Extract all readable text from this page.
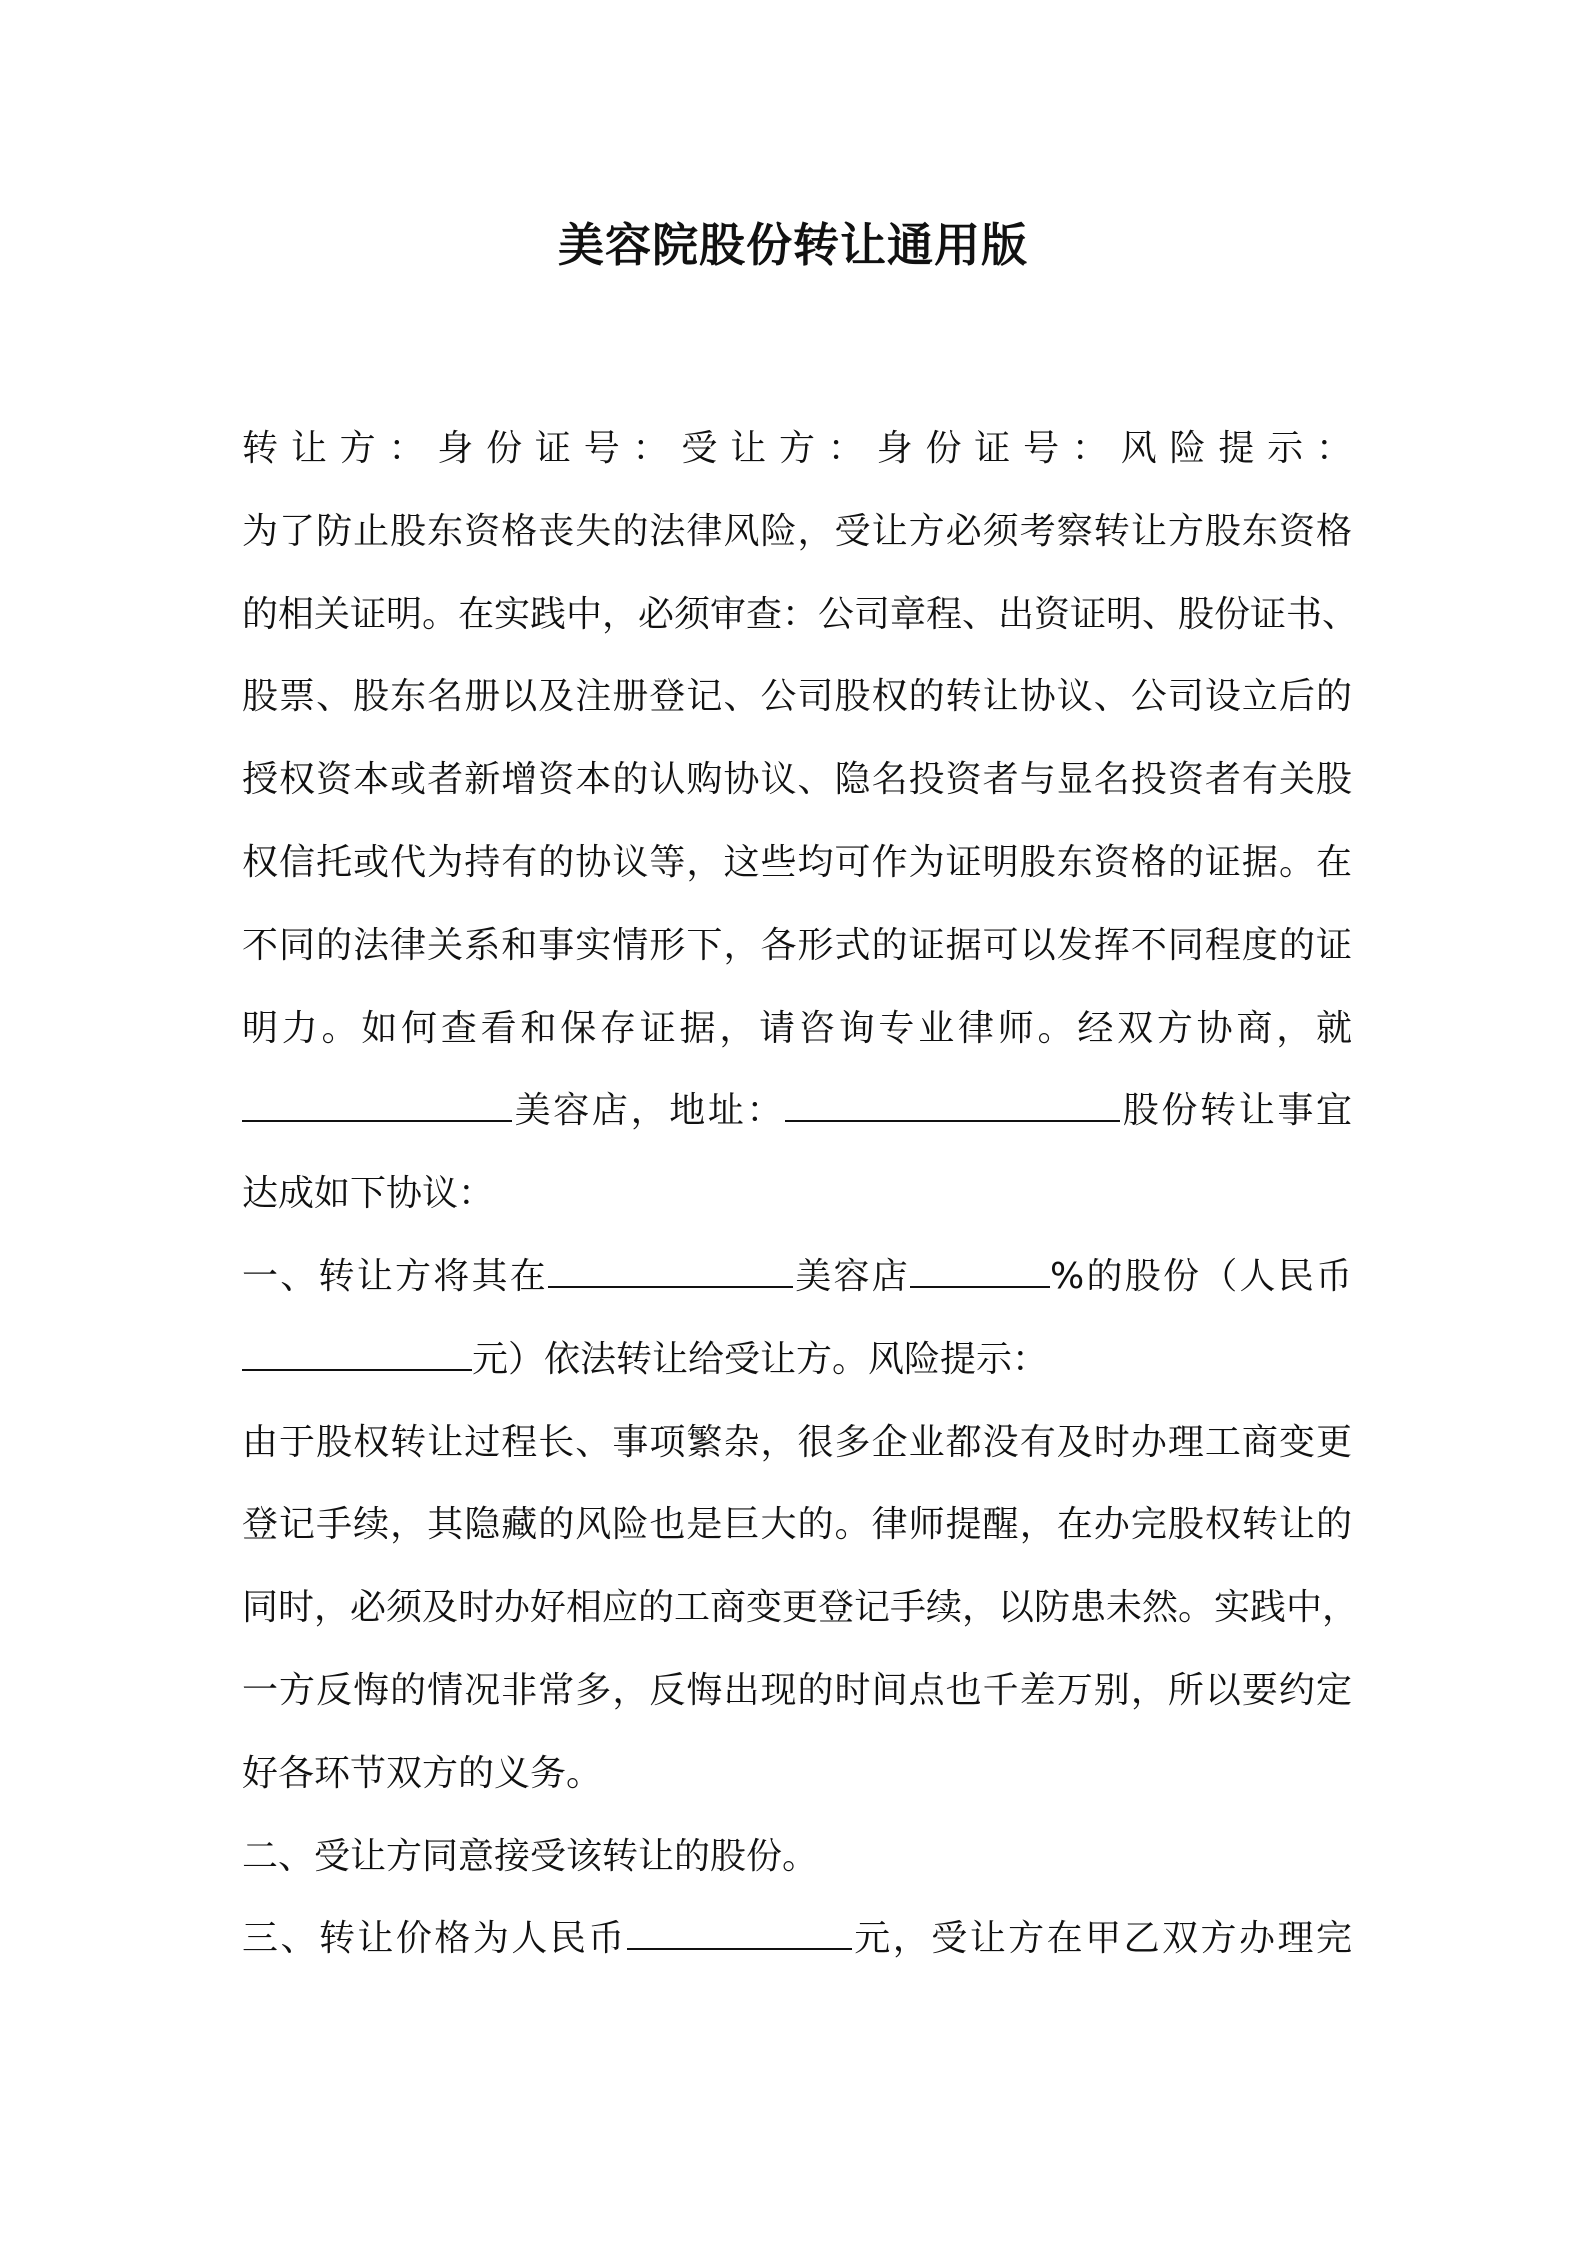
美容院股份转让通用版
转让方：身份证号：受让方：身份证号：风险提示：
为了防止股东资格丧失的法律风险，受让方必须考察转让方股东资格
的相关证明。在实践中，必须审查：公司章程、出资证明、股份证书、
股票、股东名册以及注册登记、公司股权的转让协议、公司设立后的
授权资本或者新增资本的认购协议、隐名投资者与显名投资者有关股
权信托或代为持有的协议等，这些均可作为证明股东资格的证据。在
不同的法律关系和事实情形下，各形式的证据可以发挥不同程度的证
明力。如何查看和保存证据，请咨询专业律师。经双方协商，就
美容店，地址：	股份转让事宜
达成如下协议：
一、转让方将其在	美容店	%的股份（人民币
元）依法转让给受让方。风险提示：
由于股权转让过程长、事项繁杂，很多企业都没有及时办理工商变更
登记手续，其隐藏的风险也是巨大的。律师提醒，在办完股权转让的
同时，必须及时办好相应的工商变更登记手续，以防患未然。实践中，
一方反悔的情况非常多，反悔出现的时间点也千差万别，所以要约定
好各环节双方的义务。
二、受让方同意接受该转让的股份。
三、转让价格为人民币	元，受让方在甲乙双方办理完
